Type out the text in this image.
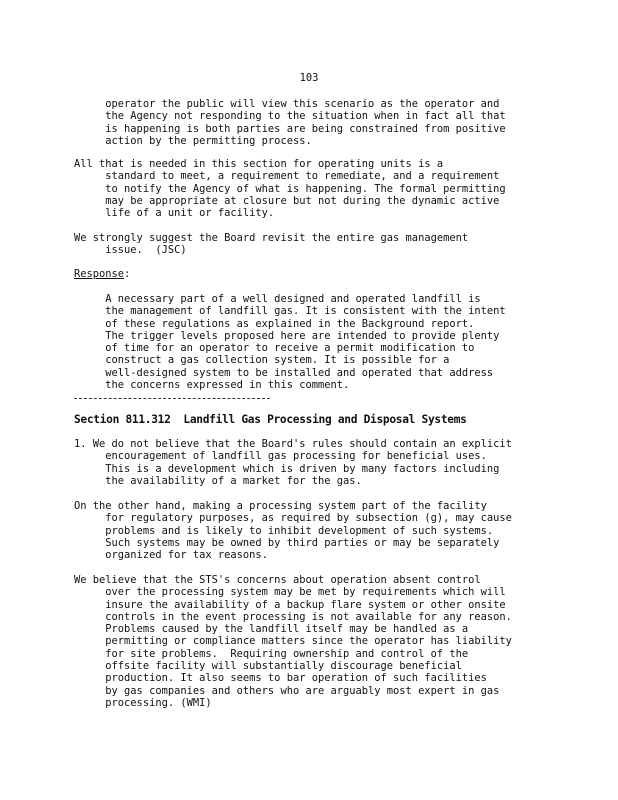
103
operator the public will view this scenario as the operator and
the Agency not responding to the situation when in fact all that
is happening is both parties are being constrained from positive
action by the permitting process.
All that is needed in this section for operating units is a
standard to meet, a requirement to remediate, and a requirement
to notify the Agency of what is happening. The formal permitting
may be appropriate at closure but not during the dynamic active
life of a unit or facility.
We strongly suggest the Board revisit the entire gas management
issue.  (JSC)
Response:
A necessary part of a well designed and operated landfill is
the management of landfill gas. It is consistent with the intent
of these regulations as explained in the Background report.
The trigger levels proposed here are intended to provide plenty
of time for an operator to receive a permit modification to
construct a gas collection system. It is possible for a
well-designed system to be installed and operated that address
the concerns expressed in this comment.
Section 811.312  Landfill Gas Processing and Disposal Systems
1. We do not believe that the Board's rules should contain an explicit
encouragement of landfill gas processing for beneficial uses.
This is a development which is driven by many factors including
the availability of a market for the gas.
On the other hand, making a processing system part of the facility
for regulatory purposes, as required by subsection (g), may cause
problems and is likely to inhibit development of such systems.
Such systems may be owned by third parties or may be separately
organized for tax reasons.
We believe that the STS's concerns about operation absent control
over the processing system may be met by requirements which will
insure the availability of a backup flare system or other onsite
controls in the event processing is not available for any reason.
Problems caused by the landfill itself may be handled as a
permitting or compliance matters since the operator has liability
for site problems.  Requiring ownership and control of the
offsite facility will substantially discourage beneficial
production. It also seems to bar operation of such facilities
by gas companies and others who are arguably most expert in gas
processing. (WMI)
